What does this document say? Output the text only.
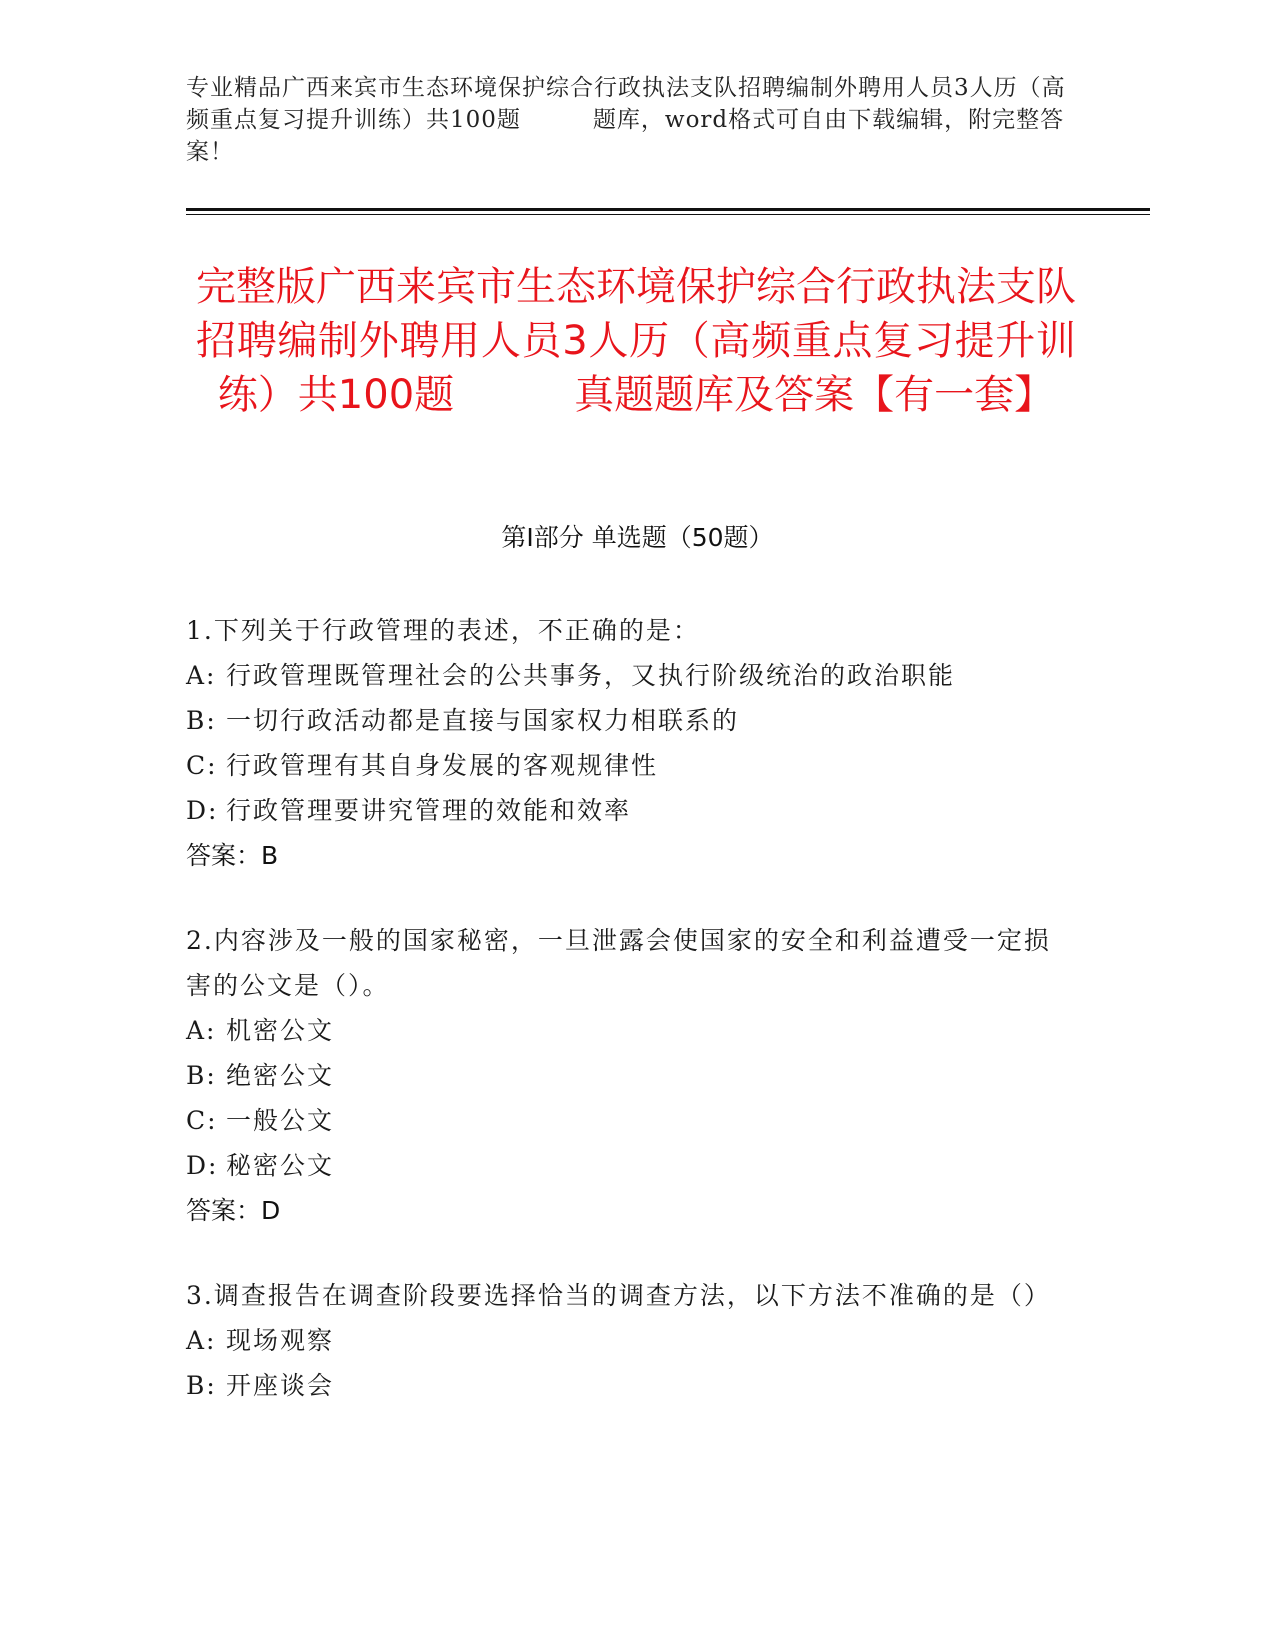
专业精品广西来宾市生态环境保护综合行政执法支队招聘编制外聘用人员3人历（高频重点复习提升训练）共100题　　　题库，word格式可自由下载编辑，附完整答案！
完整版广西来宾市生态环境保护综合行政执法支队招聘编制外聘用人员3人历（高频重点复习提升训练）共100题　　　真题题库及答案【有一套】
第Ⅰ部分 单选题（50题）
1.下列关于行政管理的表述，不正确的是：
A: 行政管理既管理社会的公共事务，又执行阶级统治的政治职能
B: 一切行政活动都是直接与国家权力相联系的
C: 行政管理有其自身发展的客观规律性
D: 行政管理要讲究管理的效能和效率
答案：B
2.内容涉及一般的国家秘密，一旦泄露会使国家的安全和利益遭受一定损害的公文是（）。
A: 机密公文
B: 绝密公文
C: 一般公文
D: 秘密公文
答案：D
3.调查报告在调查阶段要选择恰当的调查方法，以下方法不准确的是（）
A: 现场观察
B: 开座谈会
